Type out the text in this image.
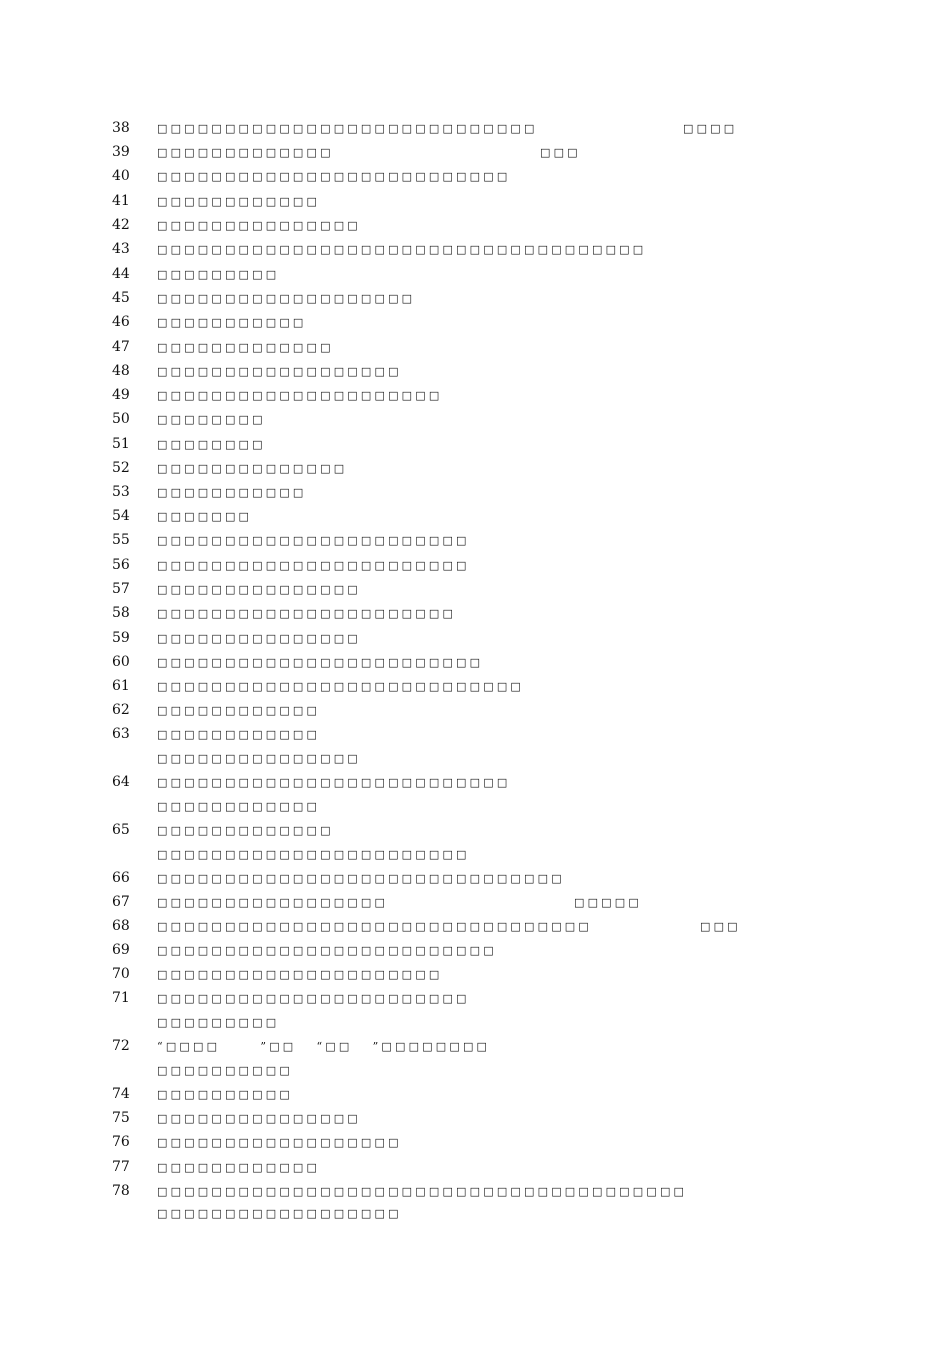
38 □□□□□□□□□□□□□□□□□□□□□□□□□□□□	□□□□
39 □□□□□□□□□□□□□	□□□
40 □□□□□□□□□□□□□□□□□□□□□□□□□□
41 □□□□□□□□□□□□
42 □□□□□□□□□□□□□□□
43 □□□□□□□□□□□□□□□□□□□□□□□□□□□□□□□□□□□□
44 □□□□□□□□□
45 □□□□□□□□□□□□□□□□□□□
46 □□□□□□□□□□□
47 □□□□□□□□□□□□□
48 □□□□□□□□□□□□□□□□□□
49 □□□□□□□□□□□□□□□□□□□□□
50 □□□□□□□□
51 □□□□□□□□
52 □□□□□□□□□□□□□□
53 □□□□□□□□□□□
54 □□□□□□□
55 □□□□□□□□□□□□□□□□□□□□□□□
56 □□□□□□□□□□□□□□□□□□□□□□□
57 □□□□□□□□□□□□□□□
58 □□□□□□□□□□□□□□□□□□□□□□
59 □□□□□□□□□□□□□□□
60 □□□□□□□□□□□□□□□□□□□□□□□□
61 □□□□□□□□□□□□□□□□□□□□□□□□□□□
62 □□□□□□□□□□□□
63 □□□□□□□□□□□□
□□□□□□□□□□□□□□□
64 □□□□□□□□□□□□□□□□□□□□□□□□□□
□□□□□□□□□□□□
65 □□□□□□□□□□□□□
□□□□□□□□□□□□□□□□□□□□□□□
66 □□□□□□□□□□□□□□□□□□□□□□□□□□□□□□
67 □□□□□□□□□□□□□□□□□	□□□□□
68 □□□□□□□□□□□□□□□□□□□□□□□□□□□□□□□□	□□□
69 □□□□□□□□□□□□□□□□□□□□□□□□□
70 □□□□□□□□□□□□□□□□□□□□□
71 □□□□□□□□□□□□□□□□□□□□□□□
□□□□□□□□□
72 “□□□□      ”□□   “□□   ”□□□□□□□□
□□□□□□□□□□
74 □□□□□□□□□□
75 □□□□□□□□□□□□□□□
76 □□□□□□□□□□□□□□□□□□
77 □□□□□□□□□□□□
78 □□□□□□□□□□□□□□□□□□□□□□□□□□□□□□□□□□□□□□□
□□□□□□□□□□□□□□□□□□
